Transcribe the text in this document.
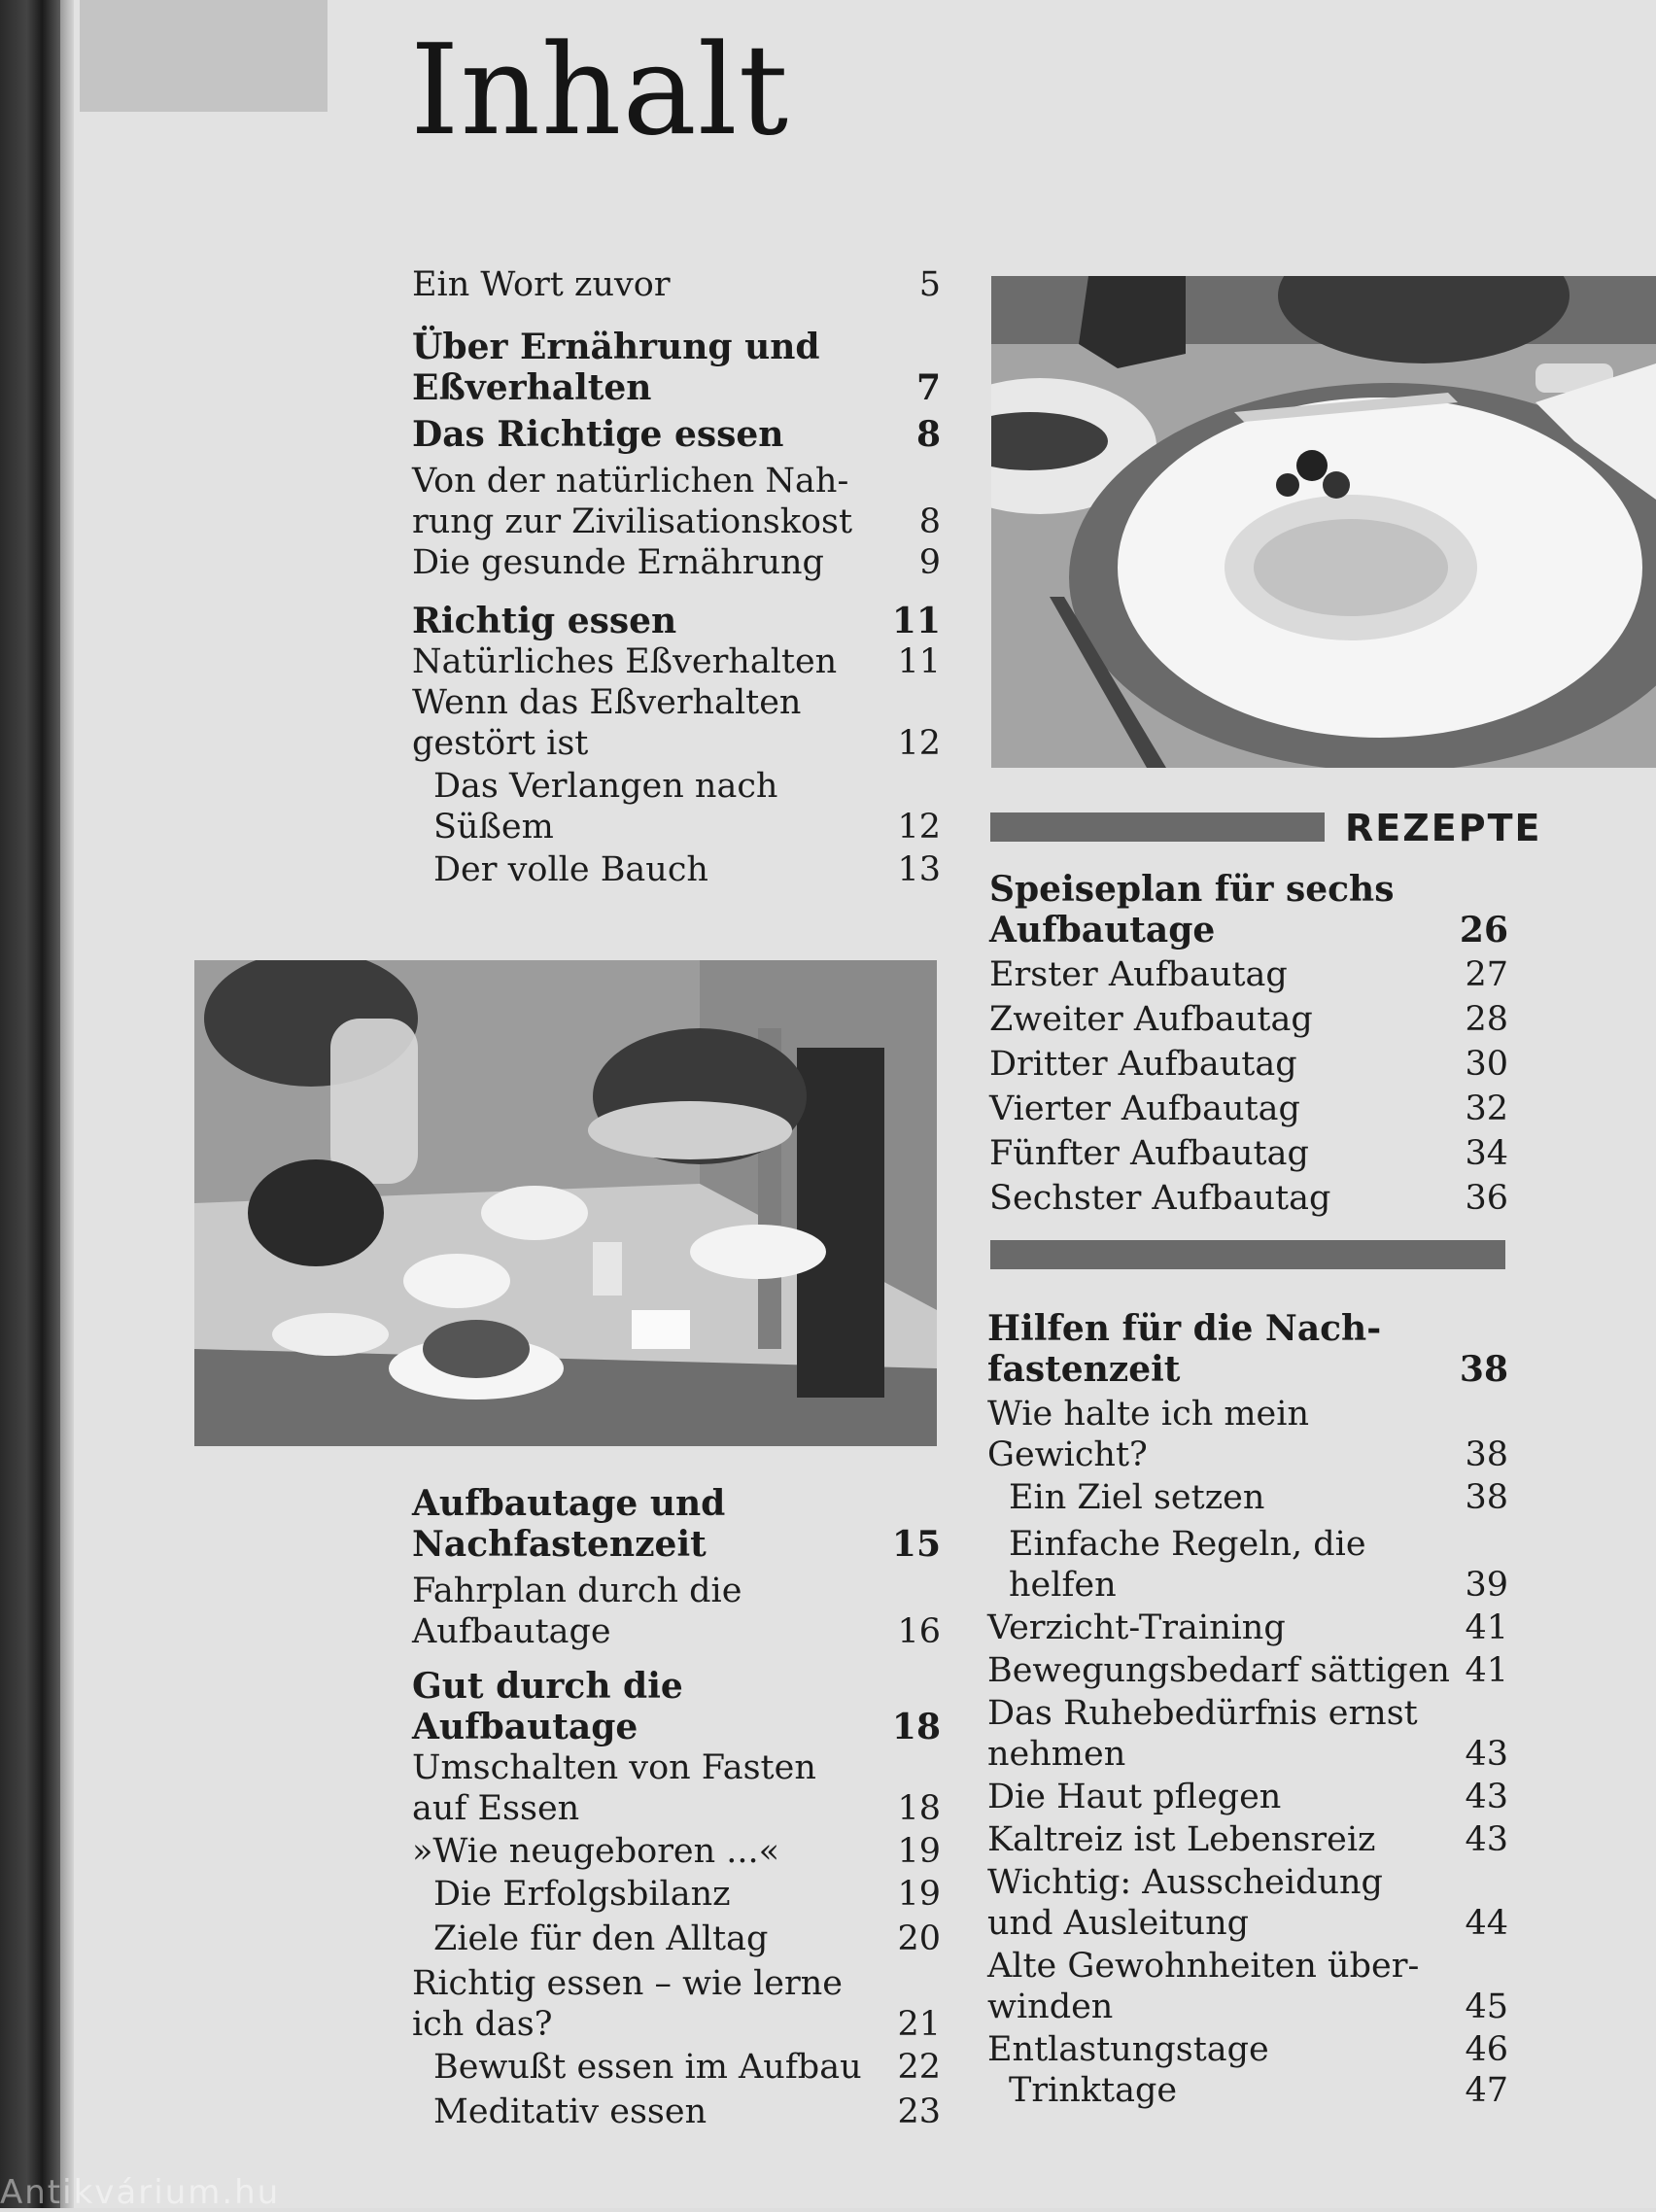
Inhalt
Ein Wort zuvor	5
Über Ernährung und
Eßverhalten	7
Das Richtige essen	8
Von der natürlichen Nah-
rung zur Zivilisationskost	8
Die gesunde Ernährung	9
Richtig essen	11
Natürliches Eßverhalten	11
Wenn das Eßverhalten
gestört ist	12
Das Verlangen nach
Süßem	12
Der volle Bauch	13
Aufbautage und
Nachfastenzeit	15
Fahrplan durch die
Aufbautage	16
Gut durch die Aufbautage	18
Umschalten von Fasten
auf Essen	18
»Wie neugeboren ...«	19
Die Erfolgsbilanz	19
Ziele für den Alltag	20
Richtig essen – wie lerne
ich das?	21
Bewußt essen im Aufbau	22
Meditativ essen	23
REZEPTE
Speiseplan für sechs
Aufbautage	26
Erster Aufbautag	27
Zweiter Aufbautag	28
Dritter Aufbautag	30
Vierter Aufbautag	32
Fünfter Aufbautag	34
Sechster Aufbautag	36
Hilfen für die Nach-
fastenzeit	38
Wie halte ich mein
Gewicht?	38
Ein Ziel setzen	38
Einfache Regeln, die
helfen	39
Verzicht-Training	41
Bewegungsbedarf sättigen 41
Das Ruhebedürfnis ernst
nehmen	43
Die Haut pflegen	43
Kaltreiz ist Lebensreiz	43
Wichtig: Ausscheidung
und Ausleitung	44
Alte Gewohnheiten über-
winden	45
Entlastungstage	46
Trinktage	47
Antikvárium.hu
